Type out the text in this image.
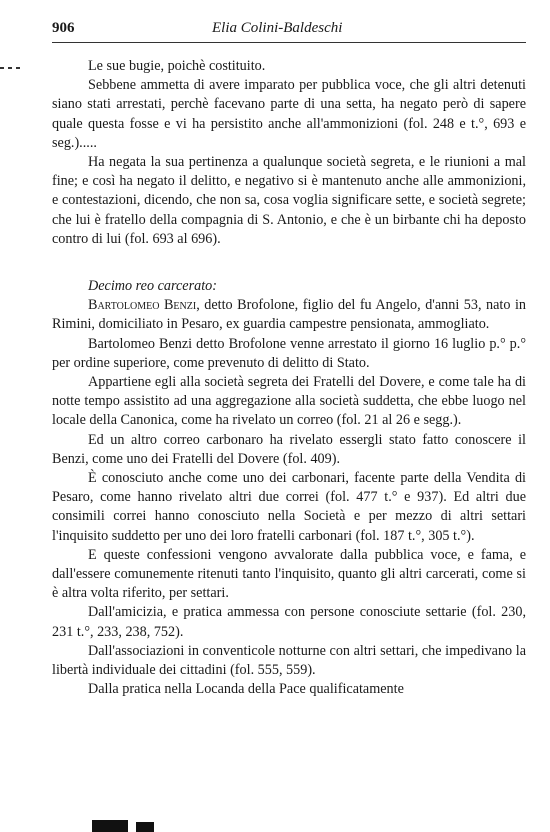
906	Elia Colini-Baldeschi

Le sue bugie, poichè costituito.

Sebbene ammetta di avere imparato per pubblica voce, che gli altri detenuti siano stati arrestati, perchè facevano parte di una setta, ha negato però di sapere quale questa fosse e vi ha persistito anche all'ammonizioni (fol. 248 e t.°, 693 e seg.).....

Ha negata la sua pertinenza a qualunque società segreta, e le riunioni a mal fine; e così ha negato il delitto, e negativo si è mantenuto anche alle ammonizioni, e contestazioni, dicendo, che non sa, cosa voglia significare sette, e società segrete; che lui è fratello della compagnia di S. Antonio, e che è un birbante chi ha deposto contro di lui (fol. 693 al 696).

Decimo reo carcerato:

Bartolomeo Benzi, detto Brofolone, figlio del fu Angelo, d'anni 53, nato in Rimini, domiciliato in Pesaro, ex guardia campestre pensionata, ammogliato.

Bartolomeo Benzi detto Brofolone venne arrestato il giorno 16 luglio p.° p.° per ordine superiore, come prevenuto di delitto di Stato.

Appartiene egli alla società segreta dei Fratelli del Dovere, e come tale ha di notte tempo assistito ad una aggregazione alla società suddetta, che ebbe luogo nel locale della Canonica, come ha rivelato un correo (fol. 21 al 26 e segg.).

Ed un altro correo carbonaro ha rivelato essergli stato fatto conoscere il Benzi, come uno dei Fratelli del Dovere (fol. 409).

È conosciuto anche come uno dei carbonari, facente parte della Vendita di Pesaro, come hanno rivelato altri due correi (fol. 477 t.° e 937). Ed altri due consimili correi hanno conosciuto nella Società e per mezzo di altri settari l'inquisito suddetto per uno dei loro fratelli carbonari (fol. 187 t.°, 305 t.°).

E queste confessioni vengono avvalorate dalla pubblica voce, e fama, e dall'essere comunemente ritenuti tanto l'inquisito, quanto gli altri carcerati, come si è altra volta riferito, per settari.

Dall'amicizia, e pratica ammessa con persone conosciute settarie (fol. 230, 231 t.°, 233, 238, 752).

Dall'associazioni in conventicole notturne con altri settari, che impedivano la libertà individuale dei cittadini (fol. 555, 559).

Dalla pratica nella Locanda della Pace qualificatamente
